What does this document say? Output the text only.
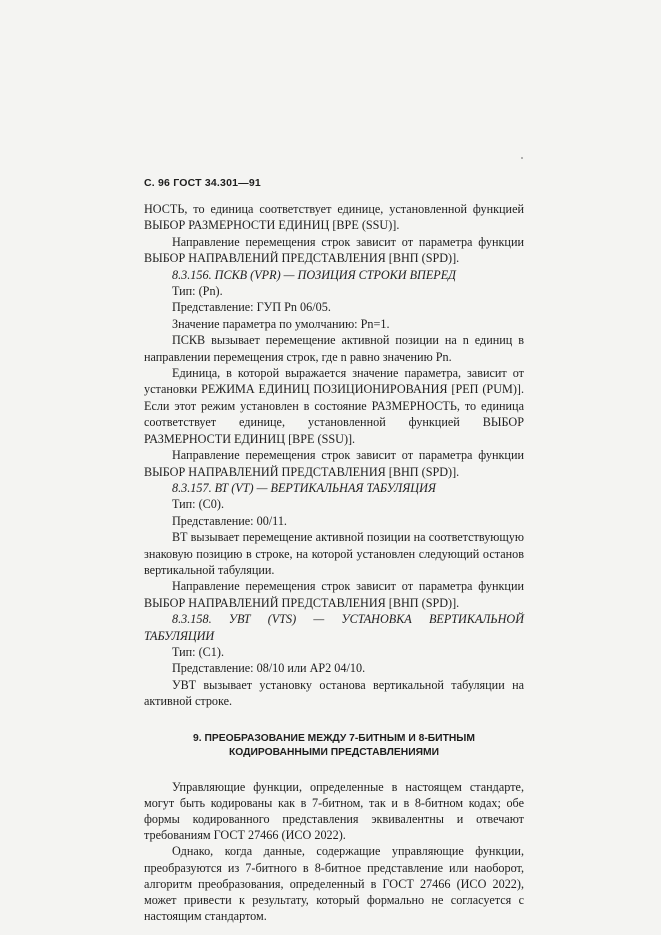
С. 96 ГОСТ 34.301—91

НОСТЬ, то единица соответствует единице, установленной функцией ВЫБОР РАЗМЕРНОСТИ ЕДИНИЦ [ВРЕ (SSU)].

Направление перемещения строк зависит от параметра функции ВЫБОР НАПРАВЛЕНИЙ ПРЕДСТАВЛЕНИЯ [ВНП (SPD)].

8.3.156. ПСКВ (VPR) — ПОЗИЦИЯ СТРОКИ ВПЕРЕД

Тип: (Pn).

Представление: ГУП Pn 06/05.

Значение параметра по умолчанию: Pn=1.

ПСКВ вызывает перемещение активной позиции на n единиц в направлении перемещения строк, где n равно значению Pn.

Единица, в которой выражается значение параметра, зависит от установки РЕЖИМА ЕДИНИЦ ПОЗИЦИОНИРОВАНИЯ [РЕП (PUM)]. Если этот режим установлен в состояние РАЗМЕРНОСТЬ, то единица соответствует единице, установленной функцией ВЫБОР РАЗМЕРНОСТИ ЕДИНИЦ [ВРЕ (SSU)].

Направление перемещения строк зависит от параметра функции ВЫБОР НАПРАВЛЕНИЙ ПРЕДСТАВЛЕНИЯ [ВНП (SPD)].

8.3.157. ВТ (VT) — ВЕРТИКАЛЬНАЯ ТАБУЛЯЦИЯ

Тип: (C0).

Представление: 00/11.

ВТ вызывает перемещение активной позиции на соответствующую знаковую позицию в строке, на которой установлен следующий останов вертикальной табуляции.

Направление перемещения строк зависит от параметра функции ВЫБОР НАПРАВЛЕНИЙ ПРЕДСТАВЛЕНИЯ [ВНП (SPD)].

8.3.158. УВТ (VTS) — УСТАНОВКА ВЕРТИКАЛЬНОЙ ТАБУЛЯЦИИ

Тип: (C1).

Представление: 08/10 или AP2 04/10.

УВТ вызывает установку останова вертикальной табуляции на активной строке.

9. ПРЕОБРАЗОВАНИЕ МЕЖДУ 7-БИТНЫМ И 8-БИТНЫМ КОДИРОВАННЫМИ ПРЕДСТАВЛЕНИЯМИ

Управляющие функции, определенные в настоящем стандарте, могут быть кодированы как в 7-битном, так и в 8-битном кодах; обе формы кодированного представления эквивалентны и отвечают требованиям ГОСТ 27466 (ИСО 2022).

Однако, когда данные, содержащие управляющие функции, преобразуются из 7-битного в 8-битное представление или наоборот, алгоритм преобразования, определенный в ГОСТ 27466 (ИСО 2022), может привести к результату, который формально не согласуется с настоящим стандартом.
